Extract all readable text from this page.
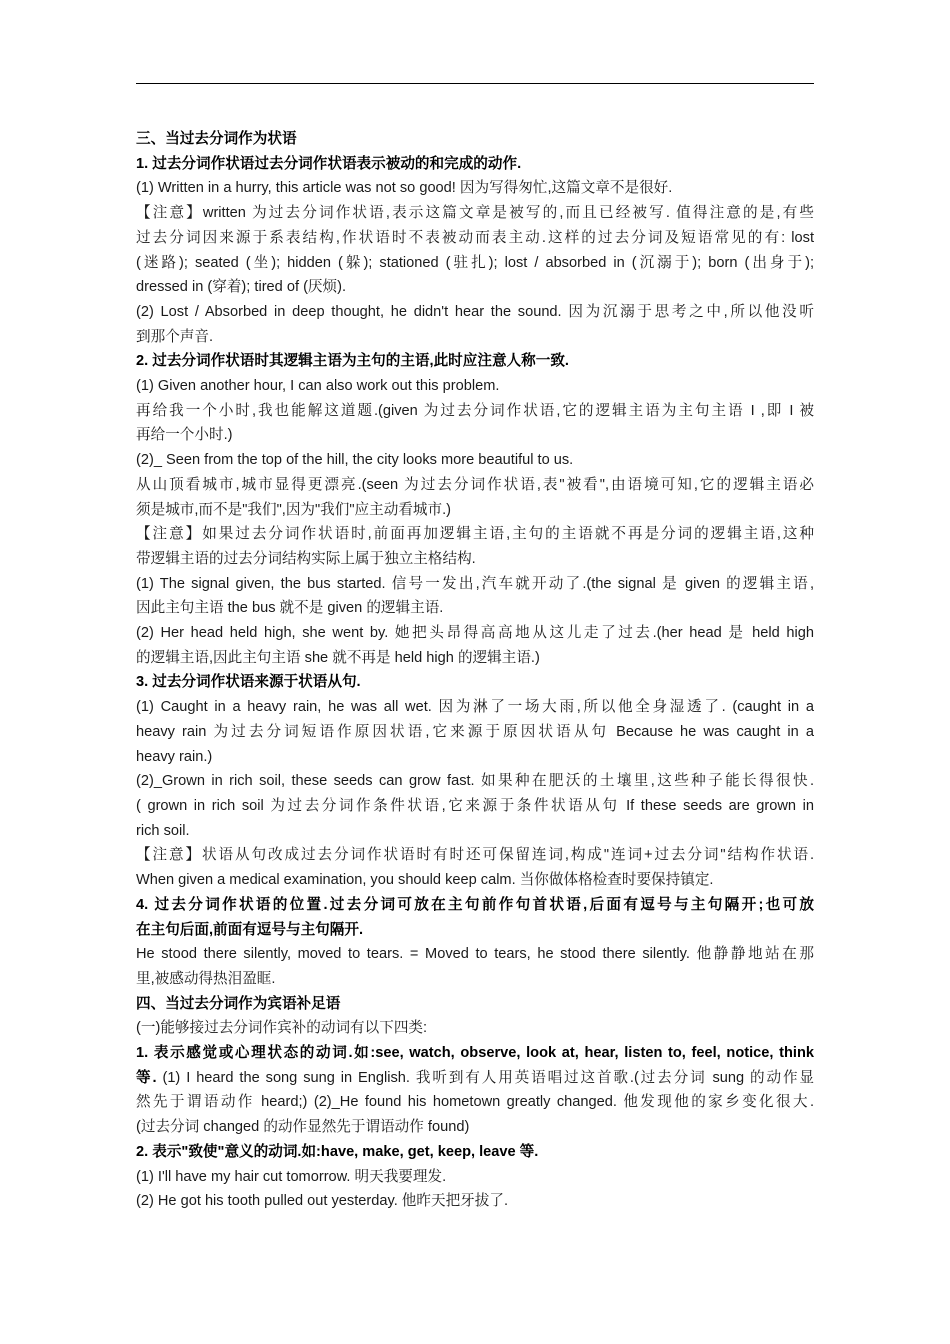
三、当过去分词作为状语
1. 过去分词作状语过去分词作状语表示被动的和完成的动作.
(1) Written in a hurry, this article was not so good! 因为写得匆忙,这篇文章不是很好.
【注意】written 为过去分词作状语,表示这篇文章是被写的,而且已经被写. 值得注意的是,有些
过去分词因来源于系表结构,作状语时不表被动而表主动.这样的过去分词及短语常见的有: lost
(迷路); seated (坐); hidden (躲); stationed (驻扎); lost / absorbed in (沉溺于); born (出身于);
dressed in (穿着); tired of (厌烦).
(2) Lost / Absorbed in deep thought, he didn't hear the sound. 因为沉溺于思考之中,所以他没听
到那个声音.
2. 过去分词作状语时其逻辑主语为主句的主语,此时应注意人称一致.
(1) Given another hour, I can also work out this problem.
再给我一个小时,我也能解这道题.(given 为过去分词作状语,它的逻辑主语为主句主语 I ,即 I 被
再给一个小时.)
(2)_ Seen from the top of the hill, the city looks more beautiful to us.
从山顶看城市,城市显得更漂亮.(seen 为过去分词作状语,表"被看",由语境可知,它的逻辑主语必
须是城市,而不是"我们",因为"我们"应主动看城市.)
【注意】如果过去分词作状语时,前面再加逻辑主语,主句的主语就不再是分词的逻辑主语,这种
带逻辑主语的过去分词结构实际上属于独立主格结构.
(1) The signal given, the bus started. 信号一发出,汽车就开动了.(the signal 是 given 的逻辑主语,
因此主句主语 the bus 就不是 given 的逻辑主语.
(2) Her head held high, she went by. 她把头昂得高高地从这儿走了过去.(her head 是 held high
的逻辑主语,因此主句主语 she 就不再是 held high 的逻辑主语.)
3. 过去分词作状语来源于状语从句.
(1) Caught in a heavy rain, he was all wet. 因为淋了一场大雨,所以他全身湿透了. (caught in a
heavy rain 为过去分词短语作原因状语,它来源于原因状语从句 Because he was caught in a
heavy rain.)
(2)_Grown in rich soil, these seeds can grow fast. 如果种在肥沃的土壤里,这些种子能长得很快.
( grown in rich soil 为过去分词作条件状语,它来源于条件状语从句 If these seeds are grown in
rich soil.
【注意】状语从句改成过去分词作状语时有时还可保留连词,构成"连词+过去分词"结构作状语.
When given a medical examination, you should keep calm. 当你做体格检查时要保持镇定.
4. 过去分词作状语的位置.过去分词可放在主句前作句首状语,后面有逗号与主句隔开;也可放
在主句后面,前面有逗号与主句隔开.
He stood there silently, moved to tears. = Moved to tears, he stood there silently. 他静静地站在那
里,被感动得热泪盈眶.
四、当过去分词作为宾语补足语
(一)能够接过去分词作宾补的动词有以下四类:
1. 表示感觉或心理状态的动词.如:see, watch, observe, look at, hear, listen to, feel, notice, think
等. (1) I heard the song sung in English. 我听到有人用英语唱过这首歌.(过去分词 sung 的动作显
然先于谓语动作 heard;) (2)_He found his hometown greatly changed. 他发现他的家乡变化很大.
(过去分词 changed 的动作显然先于谓语动作 found)
2. 表示"致使"意义的动词.如:have, make, get, keep, leave 等.
(1) I'll have my hair cut tomorrow. 明天我要理发.
(2) He got his tooth pulled out yesterday. 他昨天把牙拔了.
